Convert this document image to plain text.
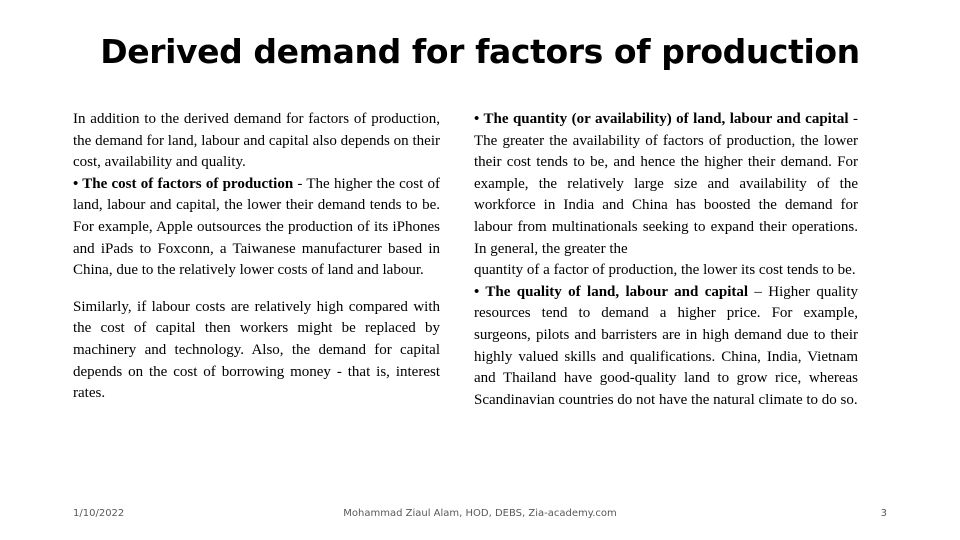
Derived demand for factors of production

In addition to the derived demand for factors of production, the demand for land, labour and capital also depends on their cost, availability and quality.

• The cost of factors of production - The higher the cost of land, labour and capital, the lower their demand tends to be. For example, Apple outsources the production of its iPhones and iPads to Foxconn, a Taiwanese manufacturer based in China, due to the relatively lower costs of land and labour.

Similarly, if labour costs are relatively high compared with the cost of capital then workers might be replaced by machinery and technology. Also, the demand for capital depends on the cost of borrowing money - that is, interest rates.

• The quantity (or availability) of land, labour and capital - The greater the availability of factors of production, the lower their cost tends to be, and hence the higher their demand. For example, the relatively large size and availability of the workforce in India and China has boosted the demand for labour from multinationals seeking to expand their operations. In general, the greater the

quantity of a factor of production, the lower its cost tends to be.

• The quality of land, labour and capital – Higher quality resources tend to demand a higher price. For example, surgeons, pilots and barristers are in high demand due to their highly valued skills and qualifications. China, India, Vietnam and Thailand have good-quality land to grow rice, whereas Scandinavian countries do not have the natural climate to do so.

1/10/2022	Mohammad Ziaul Alam, HOD, DEBS, Zia-academy.com	3
